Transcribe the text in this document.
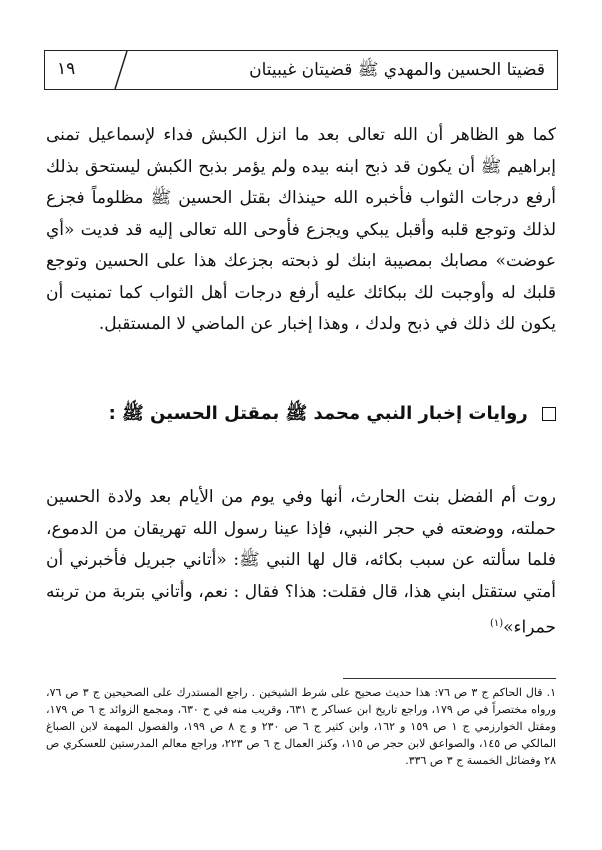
قضيتا الحسين والمهدي ﷺ قضيتان غيبيتان
١٩
كما هو الظاهر أن الله تعالى بعد ما انزل الكبش فداء لإسماعيل تمنى إبراهيم ﷺ أن يكون قد ذبح ابنه بيده ولم يؤمر بذبح الكبش ليستحق بذلك أرفع درجات الثواب فأخبره الله حينذاك بقتل الحسين ﷺ مظلوماً فجزع لذلك وتوجع قلبه وأقبل يبكي ويجزع فأوحى الله تعالى إليه قد فديت «أي عوضت» مصابك بمصيبة ابنك لو ذبحته بجزعك هذا على الحسين وتوجع قلبك له وأوجبت لك ببكائك عليه أرفع درجات أهل الثواب كما تمنيت أن يكون لك ذلك في ذبح ولدك ، وهذا إخبار عن الماضي لا المستقبل.
روايات إخبار النبي محمد ﷺ بمقتل الحسين ﷺ :
روت أم الفضل بنت الحارث، أنها وفي يوم من الأيام بعد ولادة الحسين حملته، ووضعته في حجر النبي، فإذا عينا رسول الله تهريقان من الدموع، فلما سألته عن سبب بكائه، قال لها النبي ﷺ: «أتاني جبريل فأخبرني أن أمتي ستقتل ابني هذا، قال فقلت: هذا؟ فقال : نعم، وأتاني بتربة من تربته حمراء»$^{(١)}$
١. قال الحاكم ج ٣ ص ٧٦: هذا حديث صحيح على شرط الشيخين . راجع المستدرك على الصحيحين ج ٣ ص ٧٦، ورواه مختصراً في ص ١٧٩، وراجع تاريخ ابن عساكر ح ٦٣١، وقريب منه في ح ٦٣٠، ومجمع الزوائد ج ٦ ص ١٧٩، ومقتل الخوارزمي ج ١ ص ١٥٩ و ١٦٢، وابن كثير ج ٦ ص ٢٣٠ و ج ٨ ص ١٩٩، والفصول المهمة لابن الصباغ المالكي ص ١٤٥، والصواعق لابن حجر ص ١١٥، وكنز العمال ج ٦ ص ٢٢٣، وراجع معالم المدرستين للعسكري ص ٢٨ وفضائل الخمسة ج ٣ ص ٣٣٦.
